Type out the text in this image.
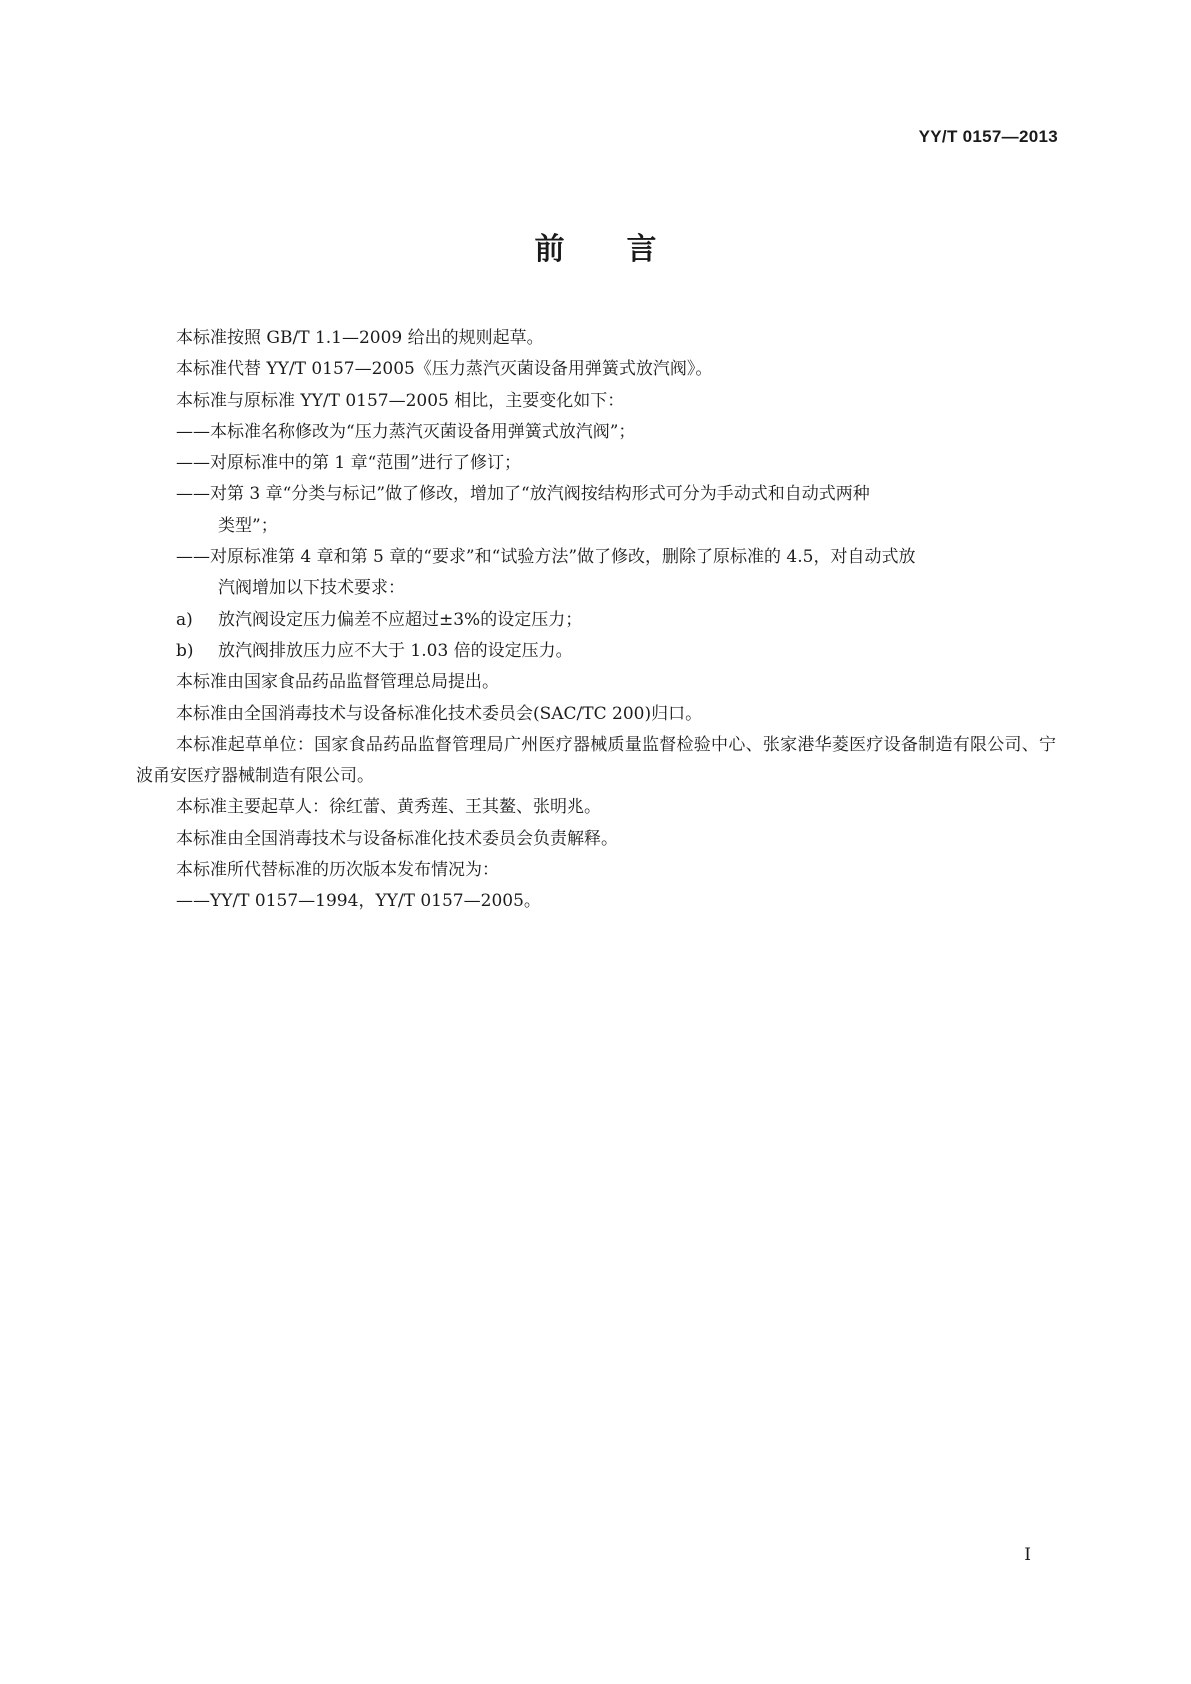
YY/T 0157—2013
前 言

本标准按照 GB/T 1.1—2009 给出的规则起草。

本标准代替 YY/T 0157—2005《压力蒸汽灭菌设备用弹簧式放汽阀》。

本标准与原标准 YY/T 0157—2005 相比，主要变化如下：

——本标准名称修改为“压力蒸汽灭菌设备用弹簧式放汽阀”；

——对原标准中的第 1 章“范围”进行了修订；

——对第 3 章“分类与标记”做了修改，增加了“放汽阀按结构形式可分为手动式和自动式两种
类型”；
——对原标准第 4 章和第 5 章的“要求”和“试验方法”做了修改，删除了原标准的 4.5，对自动式放
汽阀增加以下技术要求：

a) 放汽阀设定压力偏差不应超过±3%的设定压力；

b) 放汽阀排放压力应不大于 1.03 倍的设定压力。

本标准由国家食品药品监督管理总局提出。

本标准由全国消毒技术与设备标准化技术委员会(SAC/TC 200)归口。

本标准起草单位：国家食品药品监督管理局广州医疗器械质量监督检验中心、张家港华菱医疗设备制造有限公司、宁波甬安医疗器械制造有限公司。

本标准主要起草人：徐红蕾、黄秀莲、王其鳌、张明兆。

本标准由全国消毒技术与设备标准化技术委员会负责解释。

本标准所代替标准的历次版本发布情况为：

——YY/T 0157—1994，YY/T 0157—2005。

I
